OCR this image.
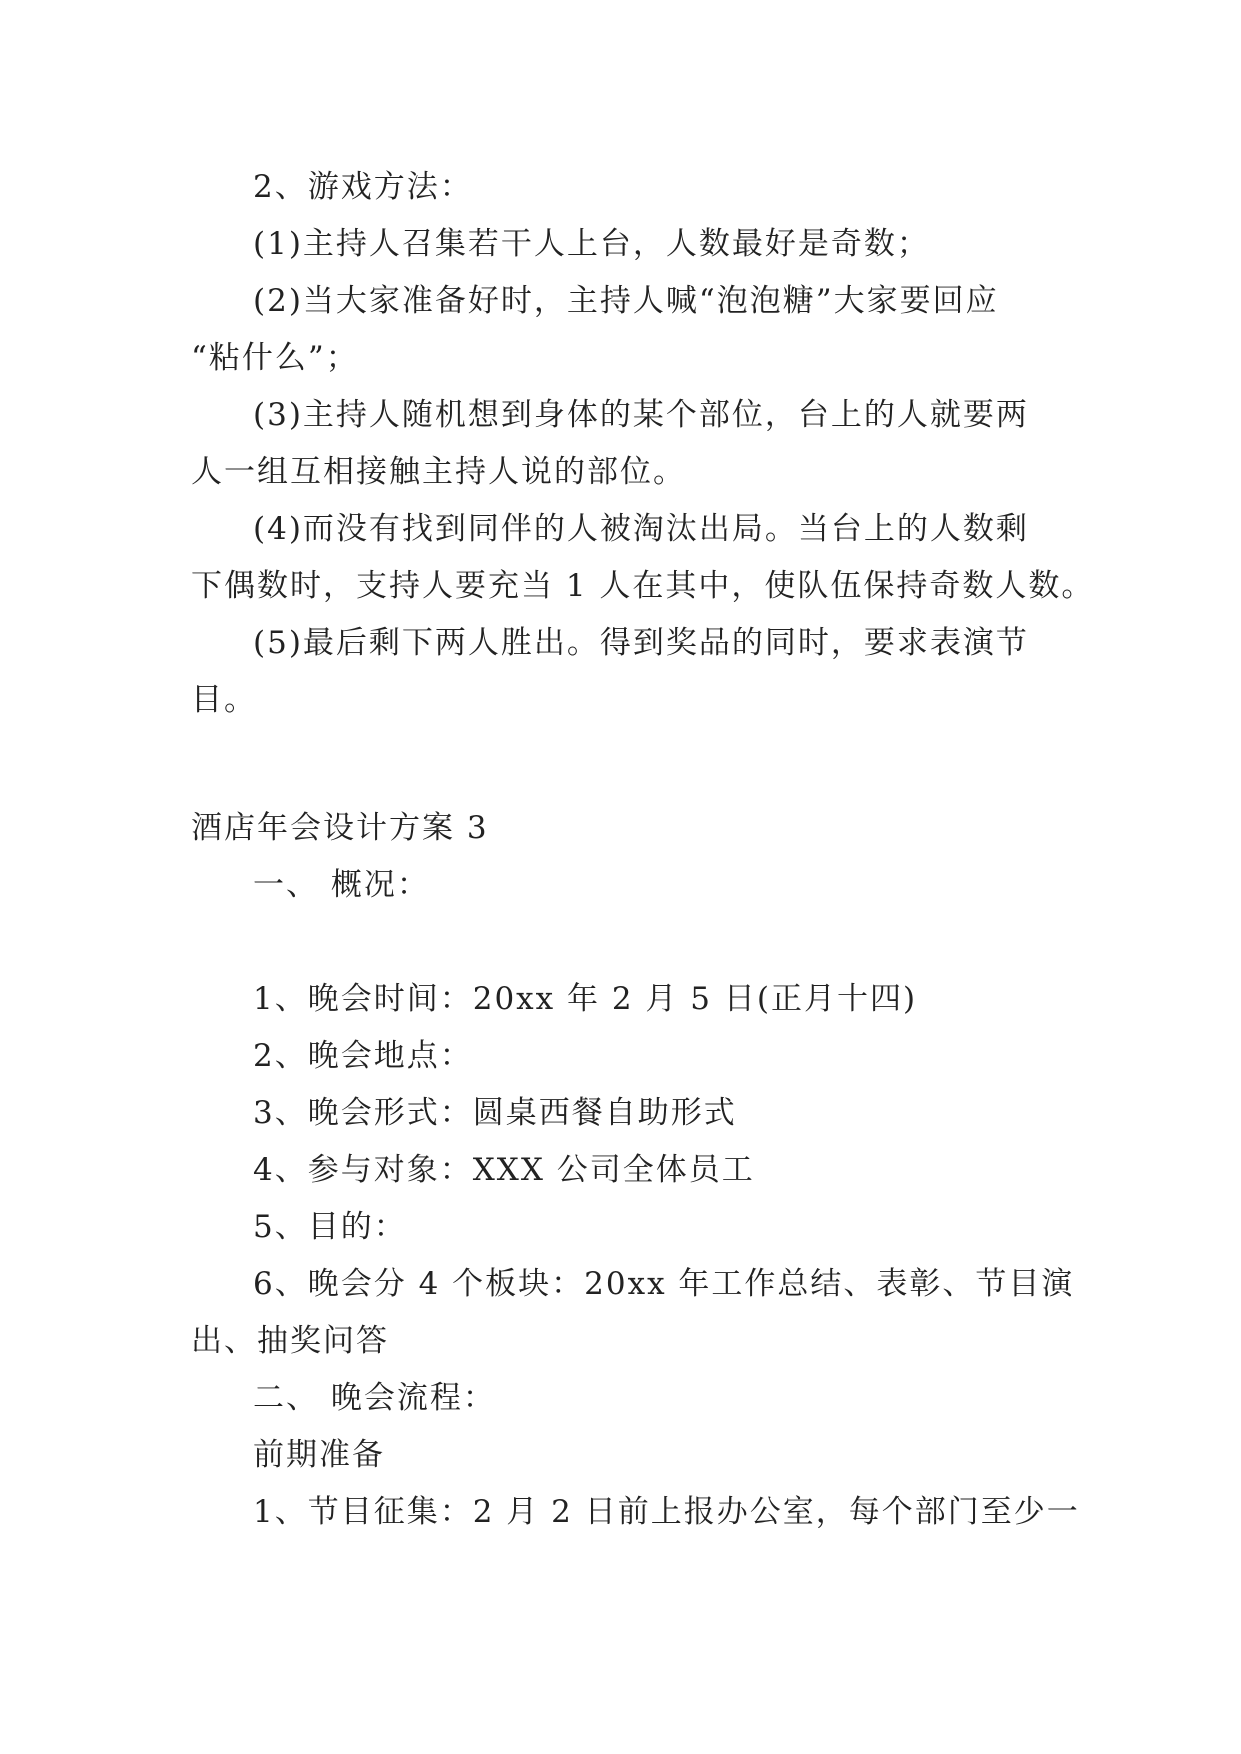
2、游戏方法：
(1)主持人召集若干人上台，人数最好是奇数；
(2)当大家准备好时，主持人喊“泡泡糖”大家要回应
“粘什么”；
(3)主持人随机想到身体的某个部位，台上的人就要两
人一组互相接触主持人说的部位。
(4)而没有找到同伴的人被淘汰出局。当台上的人数剩
下偶数时，支持人要充当 1 人在其中，使队伍保持奇数人数。
(5)最后剩下两人胜出。得到奖品的同时，要求表演节
目。
酒店年会设计方案 3
一、 概况：
1、晚会时间：20xx 年 2 月 5 日(正月十四)
2、晚会地点：
3、晚会形式：圆桌西餐自助形式
4、参与对象：XXX 公司全体员工
5、目的：
6、晚会分 4 个板块：20xx 年工作总结、表彰、节目演
出、抽奖问答
二、 晚会流程：
前期准备
1、节目征集：2 月 2 日前上报办公室，每个部门至少一
